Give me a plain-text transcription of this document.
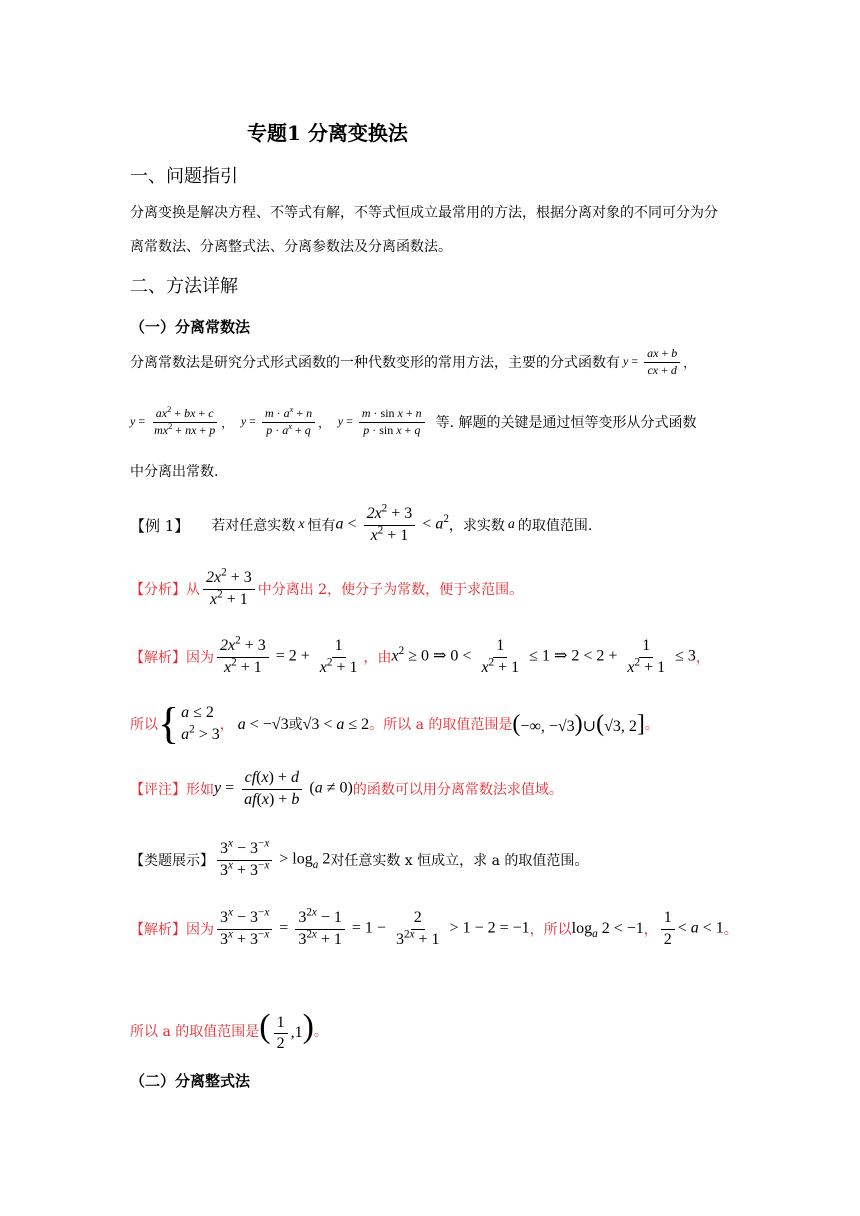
专题1 分离变换法
一、问题指引
分离变换是解决方程、不等式有解，不等式恒成立最常用的方法，根据分离对象的不同可分为分离常数法、分离整式法、分离参数法及分离函数法。
二、方法详解
（一）分离常数法
分离常数法是研究分式形式函数的一种代数变形的常用方法，主要的分式函数有 $y = \frac{ax + b}{cx + d}$ ，
$y = \frac{ax^2 + bx + c}{mx^2 + nx + p}$ ， $y = \frac{m \cdot a^x + n}{p \cdot a^x + q}$ ， $y = \frac{\text{m · sin x + n}}{\text{p · sin x + q}}$ 等. 解题的关键是通过恒等变形从分式函数
中分离出常数.
【例 1】 若对任意实数 x 恒有 $a < \frac{2x^2 + 3}{x^2 + 1} < a^2$ ，求实数 a 的取值范围.
【分析】 从 $\frac{2x^2 + 3}{x^2 + 1}$ 中分离出 2，使分子为常数，便于求范围。
【解析】 因为 $\frac{2x^2 + 3}{x^2 + 1} = 2 + \frac{1}{x^2 + 1}$ ，由 $x^2 \ge 0$ ⇒ $0 < \frac{1}{x^2 + 1} \le 1$ ⇒ $2 < 2 + \frac{1}{x^2 + 1} \le 3$ ，
所以 { a ≤ 2
$a^2 > 3$
， a < −√3或√3 < a ≤ 2 。所以 a 的取值范围是 (−∞, −√3)∪(√3, 2] 。
【评注】 形如 $y = \frac{cf(x) + d}{af(x) + b} (a \ne 0)$ 的函数可以用分离常数法求值域。
【类题展示】 $\frac{3^x - 3^{-x}}{3^x + 3^{-x}} > \log_a 2$ 对任意实数 x 恒成立，求 a 的取值范围。
【解析】 因为 $\frac{3^x - 3^{-x}}{3^x + 3^{-x}} = \frac{3^{2x} - 1}{3^{2x} + 1} = 1 - \frac{2}{3^{2x} + 1} > 1 - 2 = -1$ ，所以 $\log_a 2 < -1$ ， $\frac{1}{2} < a < 1$ 。
所以 a 的取值范围是 ( $\frac{1}{2} ,1$) 。
（二）分离整式法
